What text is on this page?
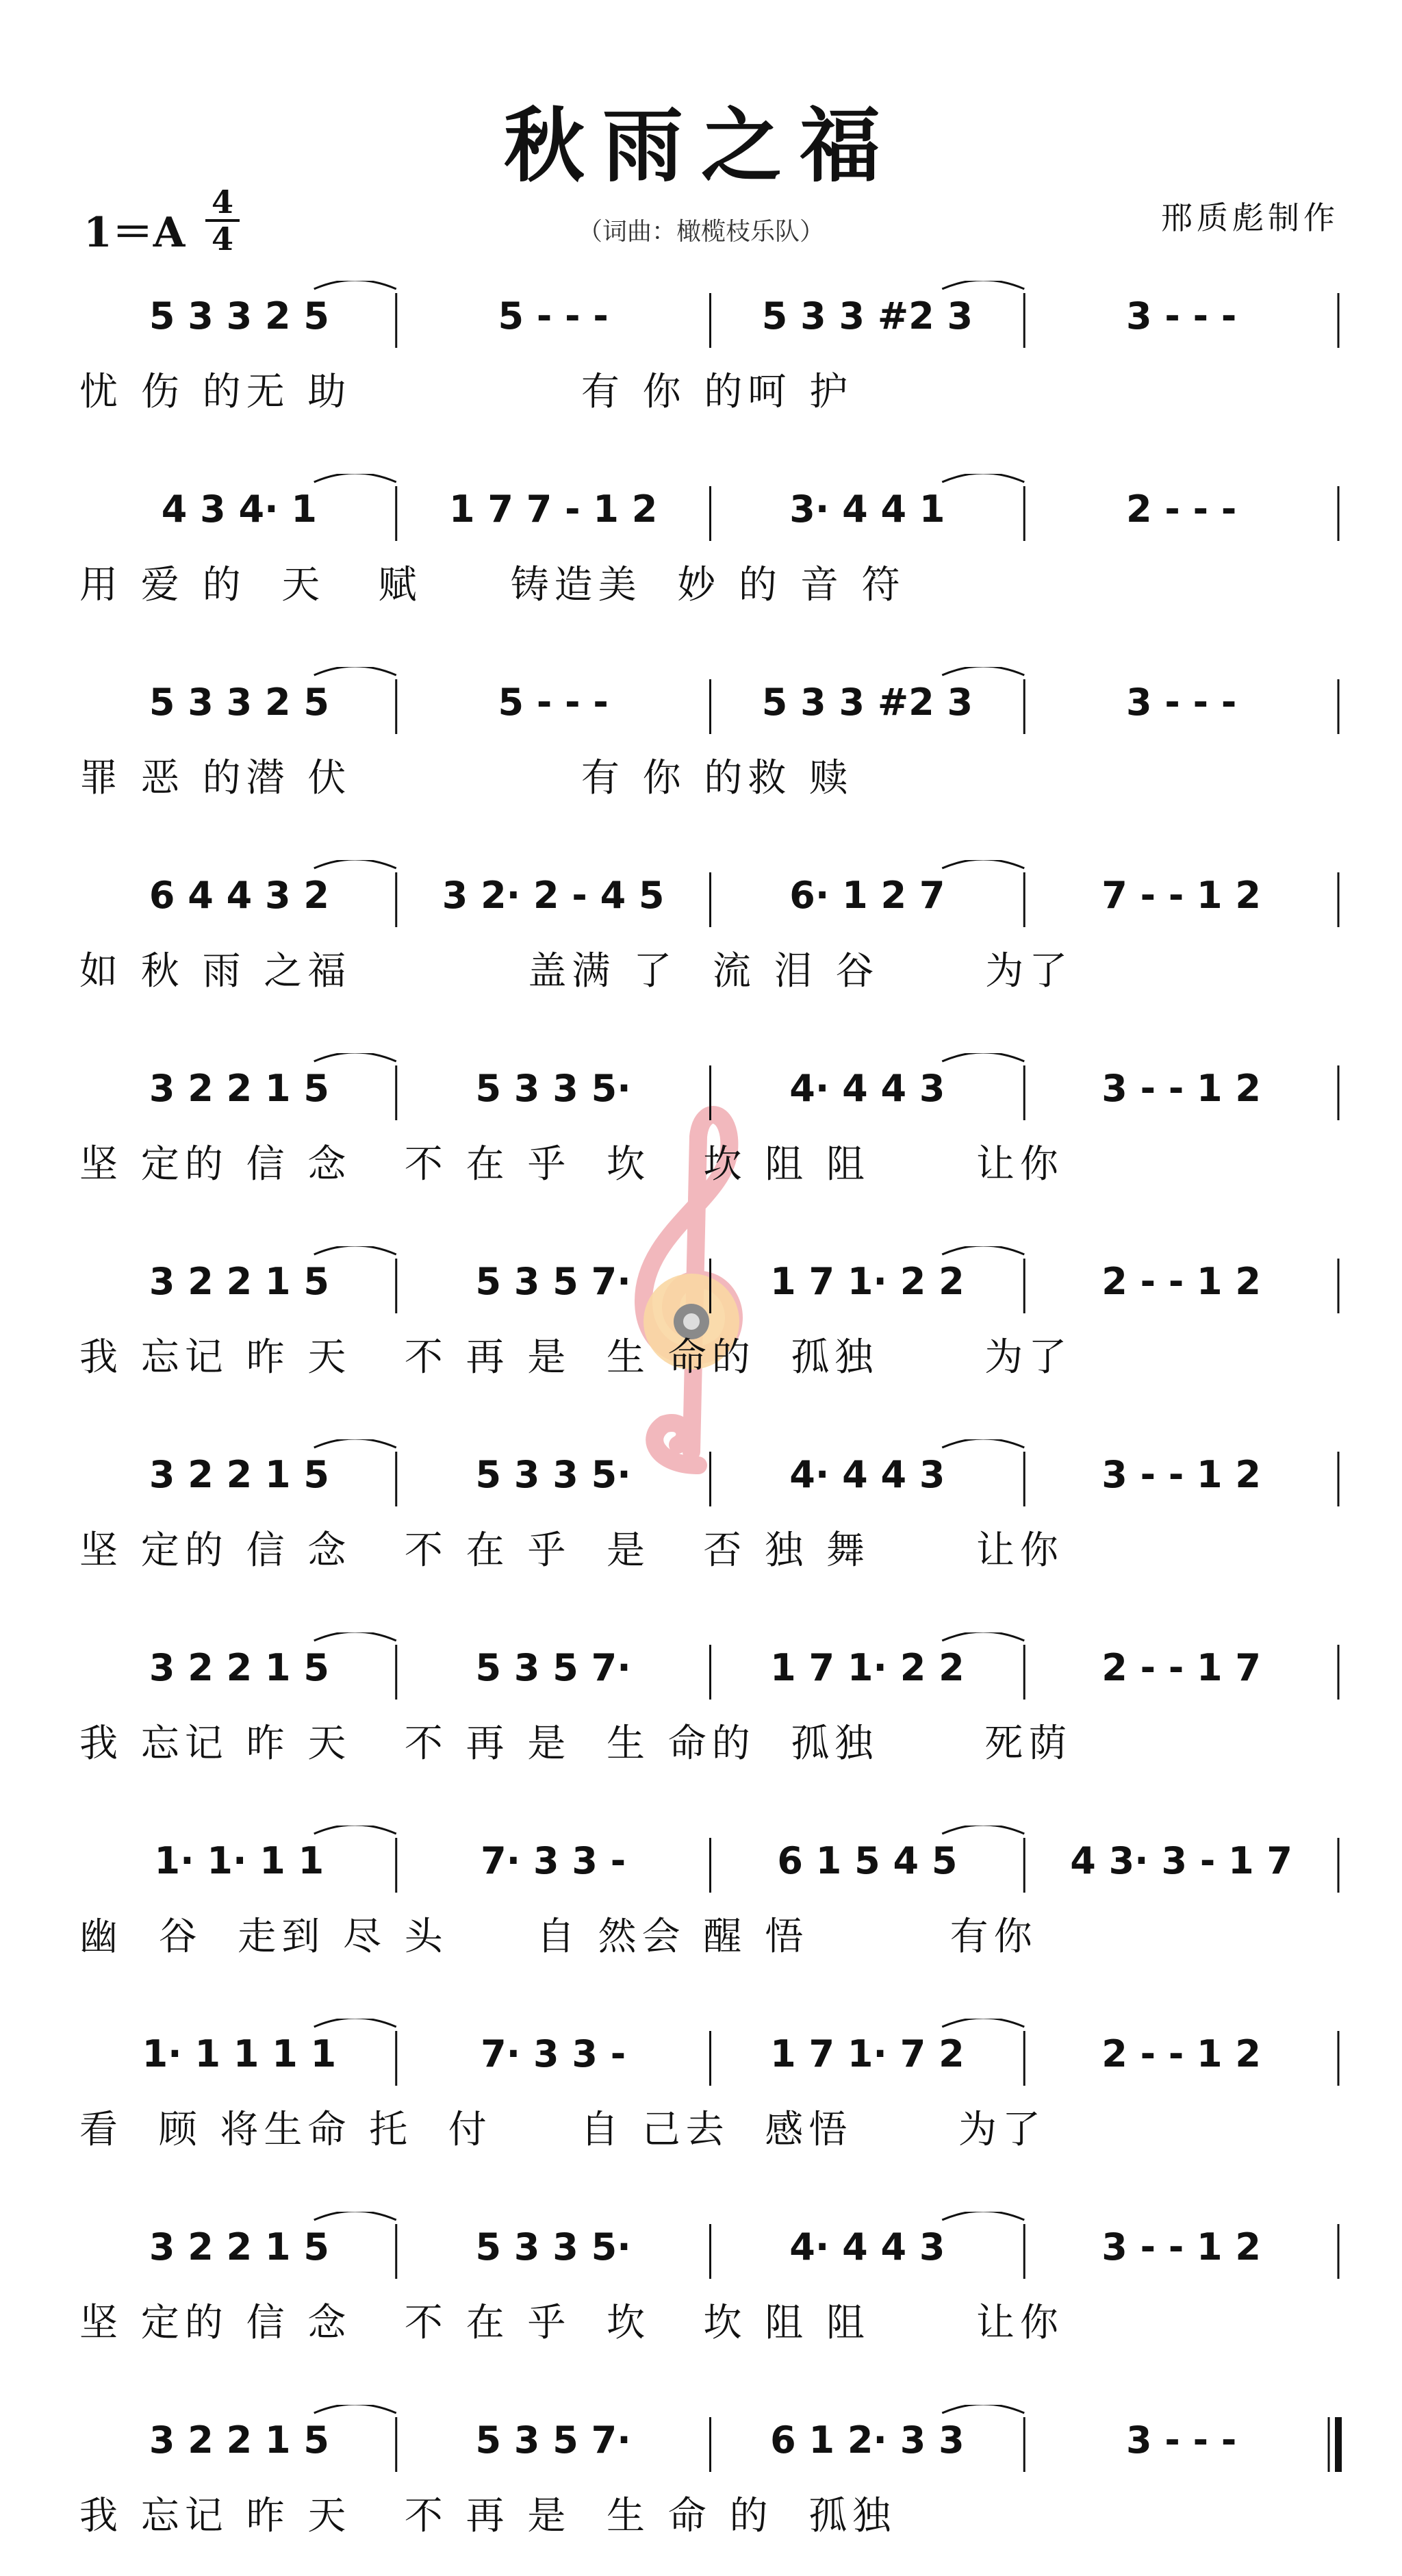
秋雨之福
1＝A
4
4	（词曲：橄榄枝乐队）	邢质彪制作
5 3 3 2 5	5 - - -	5 3 3 #2 3	3 - - -
忧 伤 的无 助             有 你 的呵 护
4 3 4· 1	1 7 7 - 1 2	3· 4 4 1	2 - - -
用 爱 的  天   赋     铸造美  妙 的 音 符
5 3 3 2 5	5 - - -	5 3 3 #2 3	3 - - -
罪 恶 的潜 伏             有 你 的救 赎
6 4 4 3 2	3 2· 2 - 4 5	6· 1 2 7	7 - - 1 2
如 秋 雨 之福          盖满 了  流 泪 谷      为了
3 2 2 1 5	5 3 3 5·	4· 4 4 3	3 - - 1 2
坚 定的 信 念   不 在 乎  坎   坎 阻 阻      让你
3 2 2 1 5	5 3 5 7·	1 7 1· 2 2	2 - - 1 2
我 忘记 昨 天   不 再 是  生 命的  孤独      为了
3 2 2 1 5	5 3 3 5·	4· 4 4 3	3 - - 1 2
坚 定的 信 念   不 在 乎  是   否 独 舞      让你
3 2 2 1 5	5 3 5 7·	1 7 1· 2 2	2 - - 1 7
我 忘记 昨 天   不 再 是  生 命的  孤独      死荫
1· 1· 1 1	7· 3 3 -	6 1 5 4 5	4 3· 3 - 1 7
幽  谷  走到 尽 头     自 然会 醒 悟        有你
1· 1 1 1 1	7· 3 3 -	1 7 1· 7 2	2 - - 1 2
看  顾 将生命 托  付     自 己去  感悟      为了
3 2 2 1 5	5 3 3 5·	4· 4 4 3	3 - - 1 2
坚 定的 信 念   不 在 乎  坎   坎 阻 阻      让你
3 2 2 1 5	5 3 5 7·	6 1 2· 3 3	3 - - -
我 忘记 昨 天   不 再 是  生 命 的  孤独
